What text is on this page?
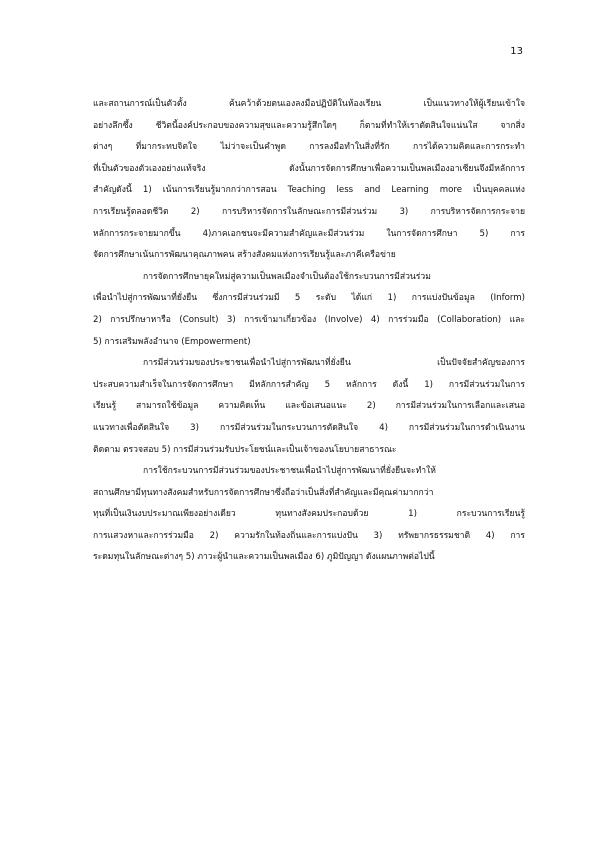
13
และสถานการณ์เป็นตัวตั้ง ค้นคว้าด้วยตนเองลงมือปฏิบัติในห้องเรียน เป็นแนวทางให้ผู้เรียนเข้าใจ
อย่างลึกซึ้ง ชีวิตนี้องค์ประกอบของความสุขและความรู้สึกใดๆ ก็ตามที่ทำให้เราตัดสินใจแน่นใส จากสิ่ง
ต่างๆ ที่มากระทบจิตใจ ไม่ว่าจะเป็นคำพูด การลงมือทำในสิ่งที่รัก การได้ความคิดและการกระทำ
ที่เป็นตัวของตัวเองอย่างแท้จริง ดังนั้นการจัดการศึกษาเพื่อความเป็นพลเมืองอาเซียนจึงมีหลักการ
สำคัญดังนี้ 1) เน้นการเรียนรู้มากกว่าการสอน Teaching less and Learning more เป็นบุคคลแห่ง
การเรียนรู้ตลอดชีวิต 2) การบริหารจัดการในลักษณะการมีส่วนร่วม 3) การบริหารจัดการกระจาย
หลักการกระจายมากขึ้น 4)ภาคเอกชนจะมีความสำคัญและมีส่วนร่วม ในการจัดการศึกษา 5) การ
จัดการศึกษาเน้นการพัฒนาคุณภาพคน สร้างสังคมแห่งการเรียนรู้และภาคีเครือข่าย
การจัดการศึกษายุคใหม่สู่ความเป็นพลเมืองจำเป็นต้องใช้กระบวนการมีส่วนร่วม
เพื่อนำไปสู่การพัฒนาที่ยั่งยืน ซึ่งการมีส่วนร่วมมี 5 ระดับ ได้แก่ 1) การแบ่งปันข้อมูล (Inform)
2) การปรึกษาหารือ (Consult) 3) การเข้ามาเกี่ยวข้อง (Involve) 4) การร่วมมือ (Collaboration) และ
5) การเสริมพลังอำนาจ (Empowerment)
การมีส่วนร่วมของประชาชนเพื่อนำไปสู่การพัฒนาที่ยั่งยืน เป็นปัจจัยสำคัญของการ
ประสบความสำเร็จในการจัดการศึกษา มีหลักการสำคัญ 5 หลักการ ดังนี้ 1) การมีส่วนร่วมในการ
เรียนรู้ สามารถใช้ข้อมูล ความคิดเห็น และข้อเสนอแนะ 2) การมีส่วนร่วมในการเลือกและเสนอ
แนวทางเพื่อตัดสินใจ 3) การมีส่วนร่วมในกระบวนการตัดสินใจ 4) การมีส่วนร่วมในการดำเนินงาน
ติดตาม ตรวจสอบ 5) การมีส่วนร่วมรับประโยชน์และเป็นเจ้าของนโยบายสาธารณะ
การใช้กระบวนการมีส่วนร่วมของประชาชนเพื่อนำไปสู่การพัฒนาที่ยั่งยืนจะทำให้
สถานศึกษามีทุนทางสังคมสำหรับการจัดการศึกษาซึ่งถือว่าเป็นสิ่งที่สำคัญและมีคุณค่ามากกว่า
ทุนที่เป็นเงินงบประมาณเพียงอย่างเดียว ทุนทางสังคมประกอบด้วย 1) กระบวนการเรียนรู้
การแสวงหาและการร่วมมือ 2) ความรักในท้องถิ่นและการแบ่งปัน 3) ทรัพยากรธรรมชาติ 4) การ
ระดมทุนในลักษณะต่างๆ 5) ภาวะผู้นำและความเป็นพลเมือง 6) ภูมิปัญญา ดังแผนภาพต่อไปนี้
